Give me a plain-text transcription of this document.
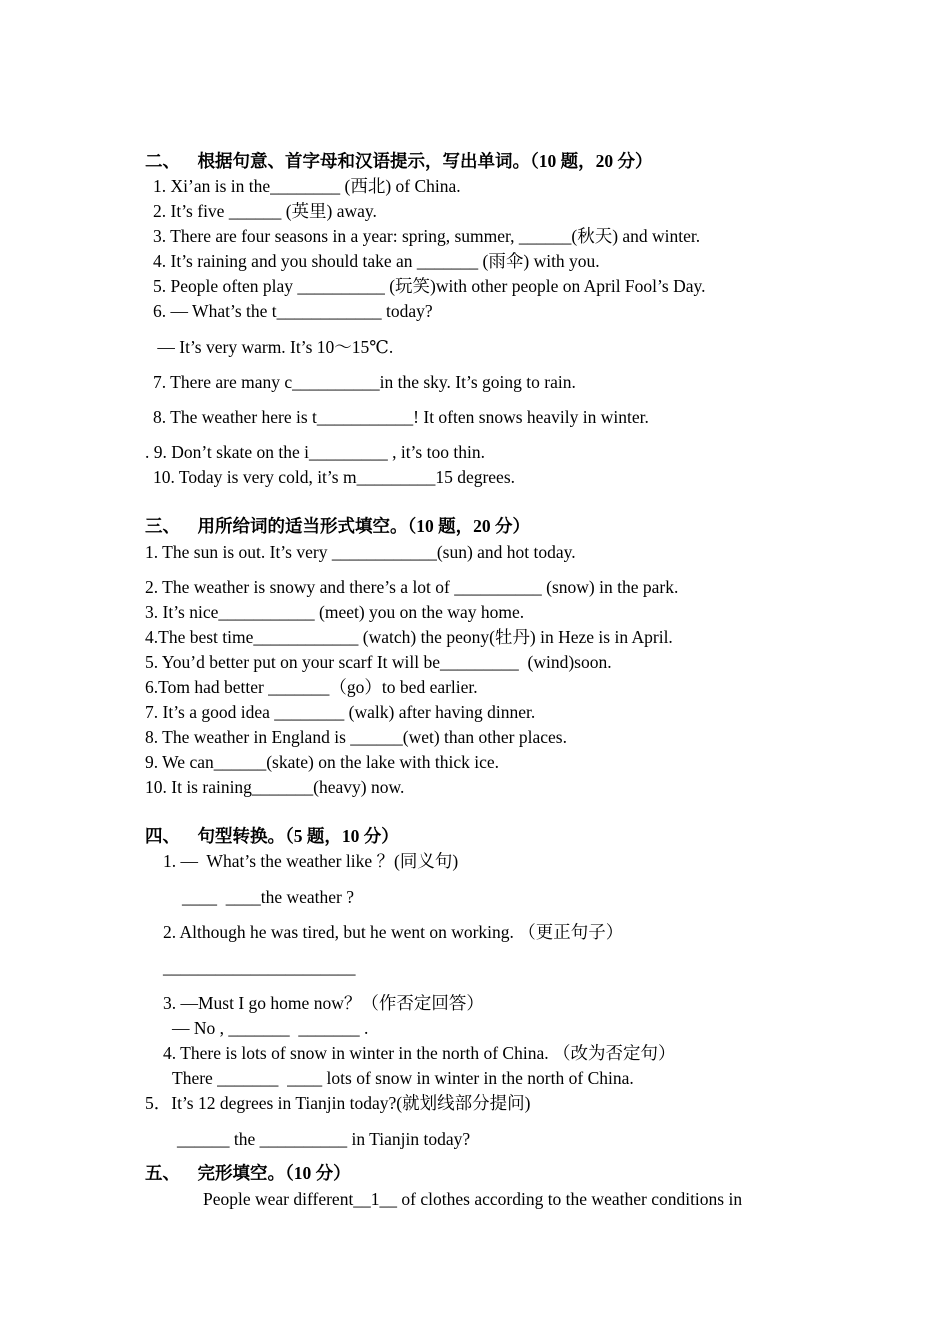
二、    根据句意、首字母和汉语提示，写出单词。（10 题，20 分）
1. Xi’an is in the________ (西北) of China.
2. It’s five ______ (英里) away.
3. There are four seasons in a year: spring, summer, ______(秋天) and winter.
4. It’s raining and you should take an _______ (雨伞) with you.
5. People often play __________ (玩笑)with other people on April Fool’s Day.
6. — What’s the t____________ today?
— It’s very warm. It’s 10～15℃.
7. There are many c__________in the sky. It’s going to rain.
8. The weather here is t___________! It often snows heavily in winter.
. 9. Don’t skate on the i_________ , it’s too thin.
10. Today is very cold, it’s m_________15 degrees.
三、    用所给词的适当形式填空。（10 题，20 分）
1. The sun is out. It’s very ____________(sun) and hot today.
2. The weather is snowy and there’s a lot of __________ (snow) in the park.
3. It’s nice___________ (meet) you on the way home.
4.The best time____________ (watch) the peony(牡丹) in Heze is in April.
5. You’d better put on your scarf It will be_________  (wind)soon.
6.Tom had better _______（go）to bed earlier.
7. It’s a good idea ________ (walk) after having dinner.
8. The weather in England is ______(wet) than other places.
9. We can______(skate) on the lake with thick ice.
10. It is raining_______(heavy) now.
四、    句型转换。（5 题，10 分）
1. —  What’s the weather like ？(同义句)
____  ____the weather ?
2. Although he was tired, but he went on working. （更正句子）
______________________
3. —Must I go home now？（作否定回答）
— No , _______  _______ .
4. There is lots of snow in winter in the north of China. （改为否定句）
There _______  ____ lots of snow in winter in the north of China.
5．It’s 12 degrees in Tianjin today?(就划线部分提问)
______ the __________ in Tianjin today?
五、    完形填空。（10 分）
People wear different__1__ of clothes according to the weather conditions in
